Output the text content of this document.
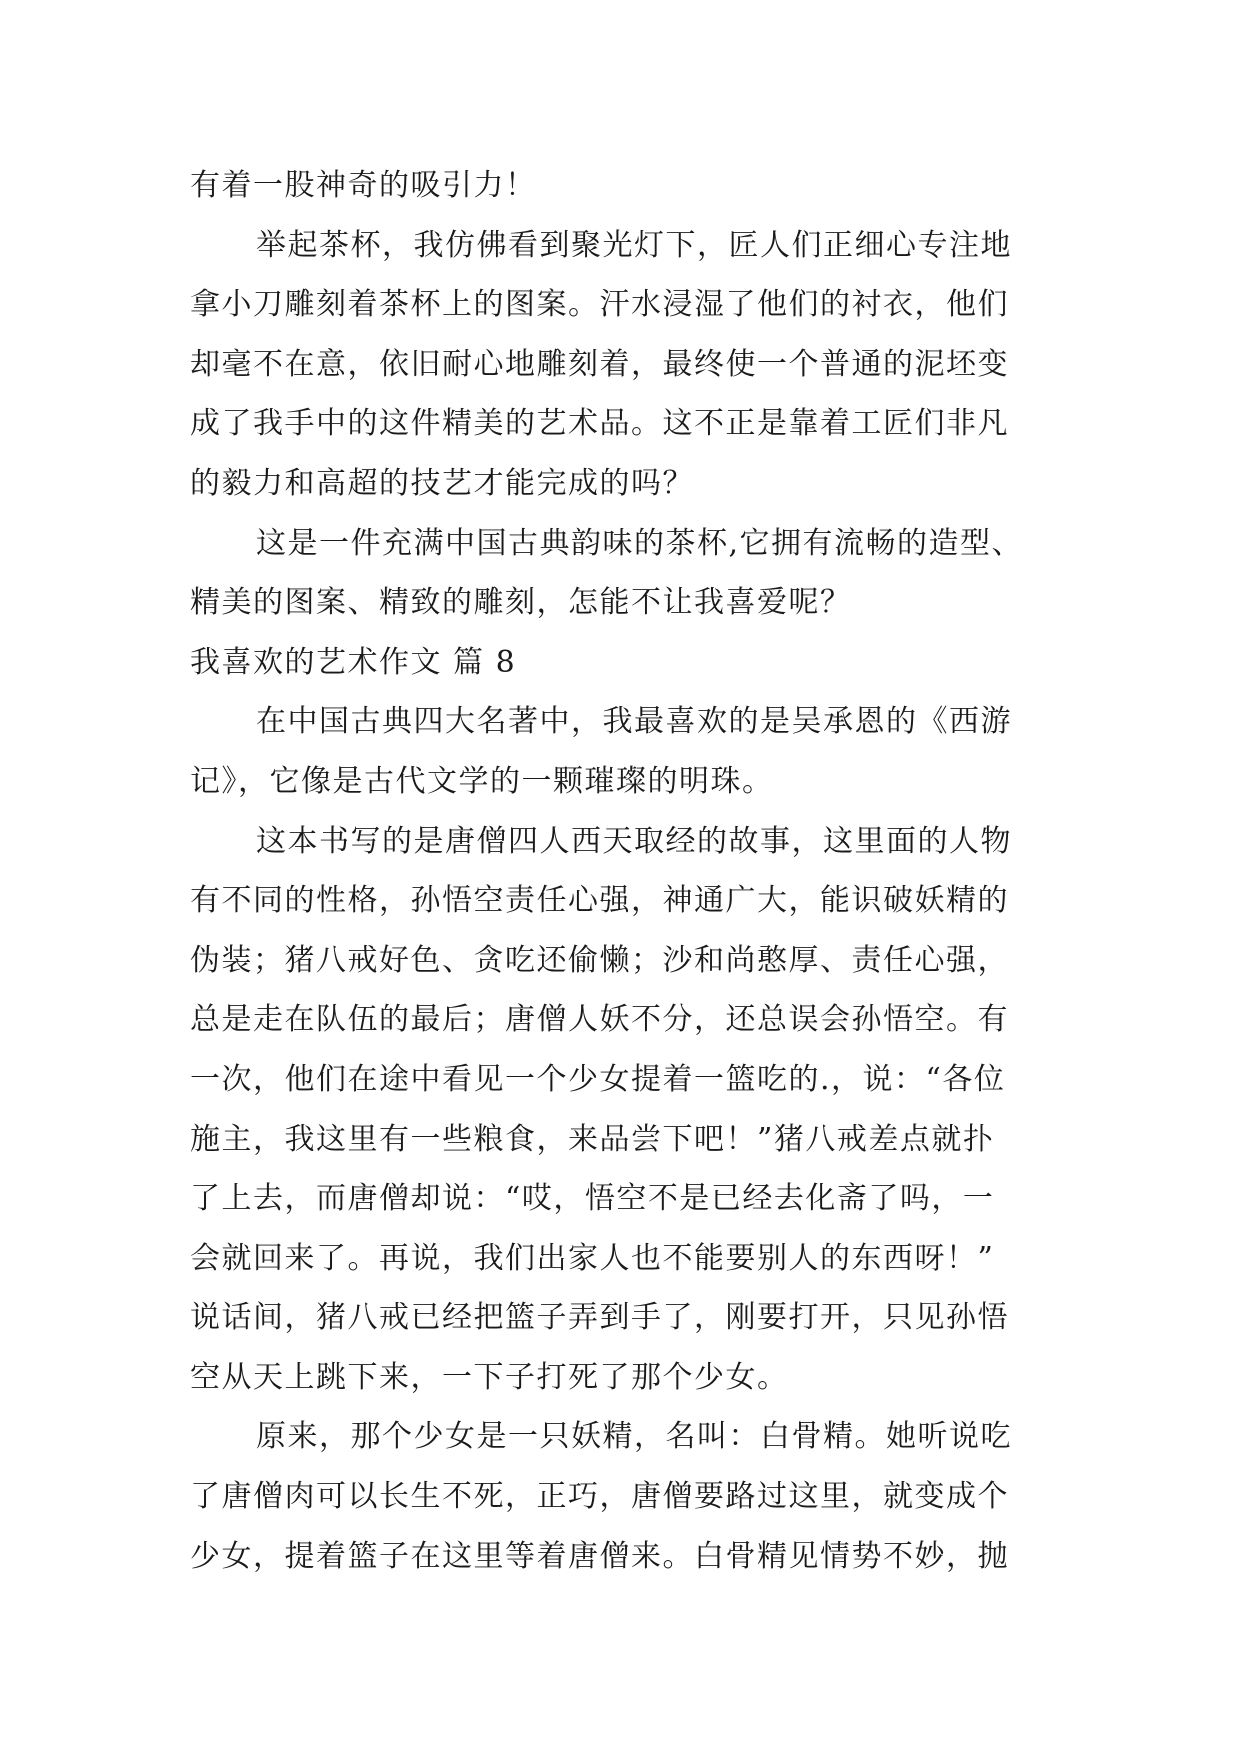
有着一股神奇的吸引力！
举起茶杯，我仿佛看到聚光灯下，匠人们正细心专注地
拿小刀雕刻着茶杯上的图案。汗水浸湿了他们的衬衣，他们
却毫不在意，依旧耐心地雕刻着，最终使一个普通的泥坯变
成了我手中的这件精美的艺术品。这不正是靠着工匠们非凡
的毅力和高超的技艺才能完成的吗？
这是一件充满中国古典韵味的茶杯,它拥有流畅的造型、
精美的图案、精致的雕刻，怎能不让我喜爱呢？
我喜欢的艺术作文 篇 8
在中国古典四大名著中，我最喜欢的是吴承恩的《西游
记》，它像是古代文学的一颗璀璨的明珠。
这本书写的是唐僧四人西天取经的故事，这里面的人物
有不同的性格，孙悟空责任心强，神通广大，能识破妖精的
伪装；猪八戒好色、贪吃还偷懒；沙和尚憨厚、责任心强，
总是走在队伍的最后；唐僧人妖不分，还总误会孙悟空。有
一次，他们在途中看见一个少女提着一篮吃的.，说：“各位
施主，我这里有一些粮食，来品尝下吧！”猪八戒差点就扑
了上去，而唐僧却说：“哎，悟空不是已经去化斋了吗，一
会就回来了。再说，我们出家人也不能要别人的东西呀！”
说话间，猪八戒已经把篮子弄到手了，刚要打开，只见孙悟
空从天上跳下来，一下子打死了那个少女。
原来，那个少女是一只妖精，名叫：白骨精。她听说吃
了唐僧肉可以长生不死，正巧，唐僧要路过这里，就变成个
少女，提着篮子在这里等着唐僧来。白骨精见情势不妙，抛
